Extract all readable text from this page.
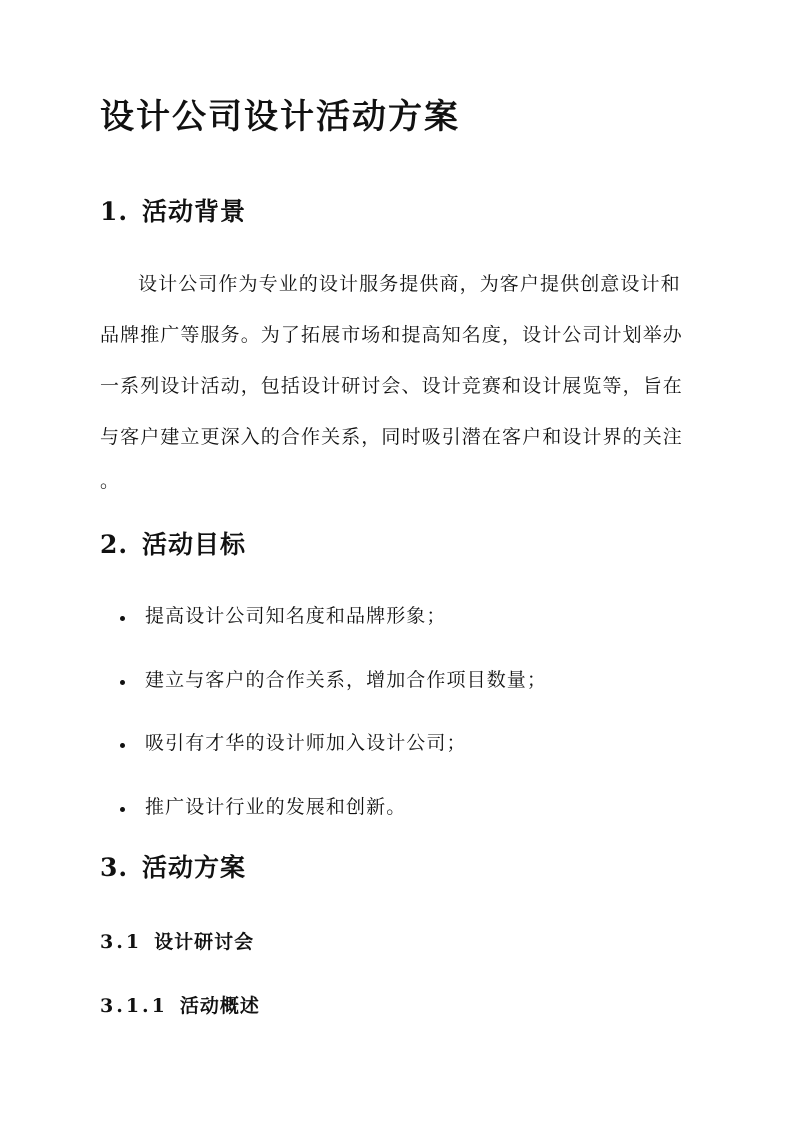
设计公司设计活动方案
1. 活动背景
设计公司作为专业的设计服务提供商，为客户提供创意设计和
品牌推广等服务。为了拓展市场和提高知名度，设计公司计划举办
一系列设计活动，包括设计研讨会、设计竞赛和设计展览等，旨在
与客户建立更深入的合作关系，同时吸引潜在客户和设计界的关注
。
2. 活动目标
提高设计公司知名度和品牌形象；
建立与客户的合作关系，增加合作项目数量；
吸引有才华的设计师加入设计公司；
推广设计行业的发展和创新。
3. 活动方案
3.1 设计研讨会
3.1.1 活动概述
